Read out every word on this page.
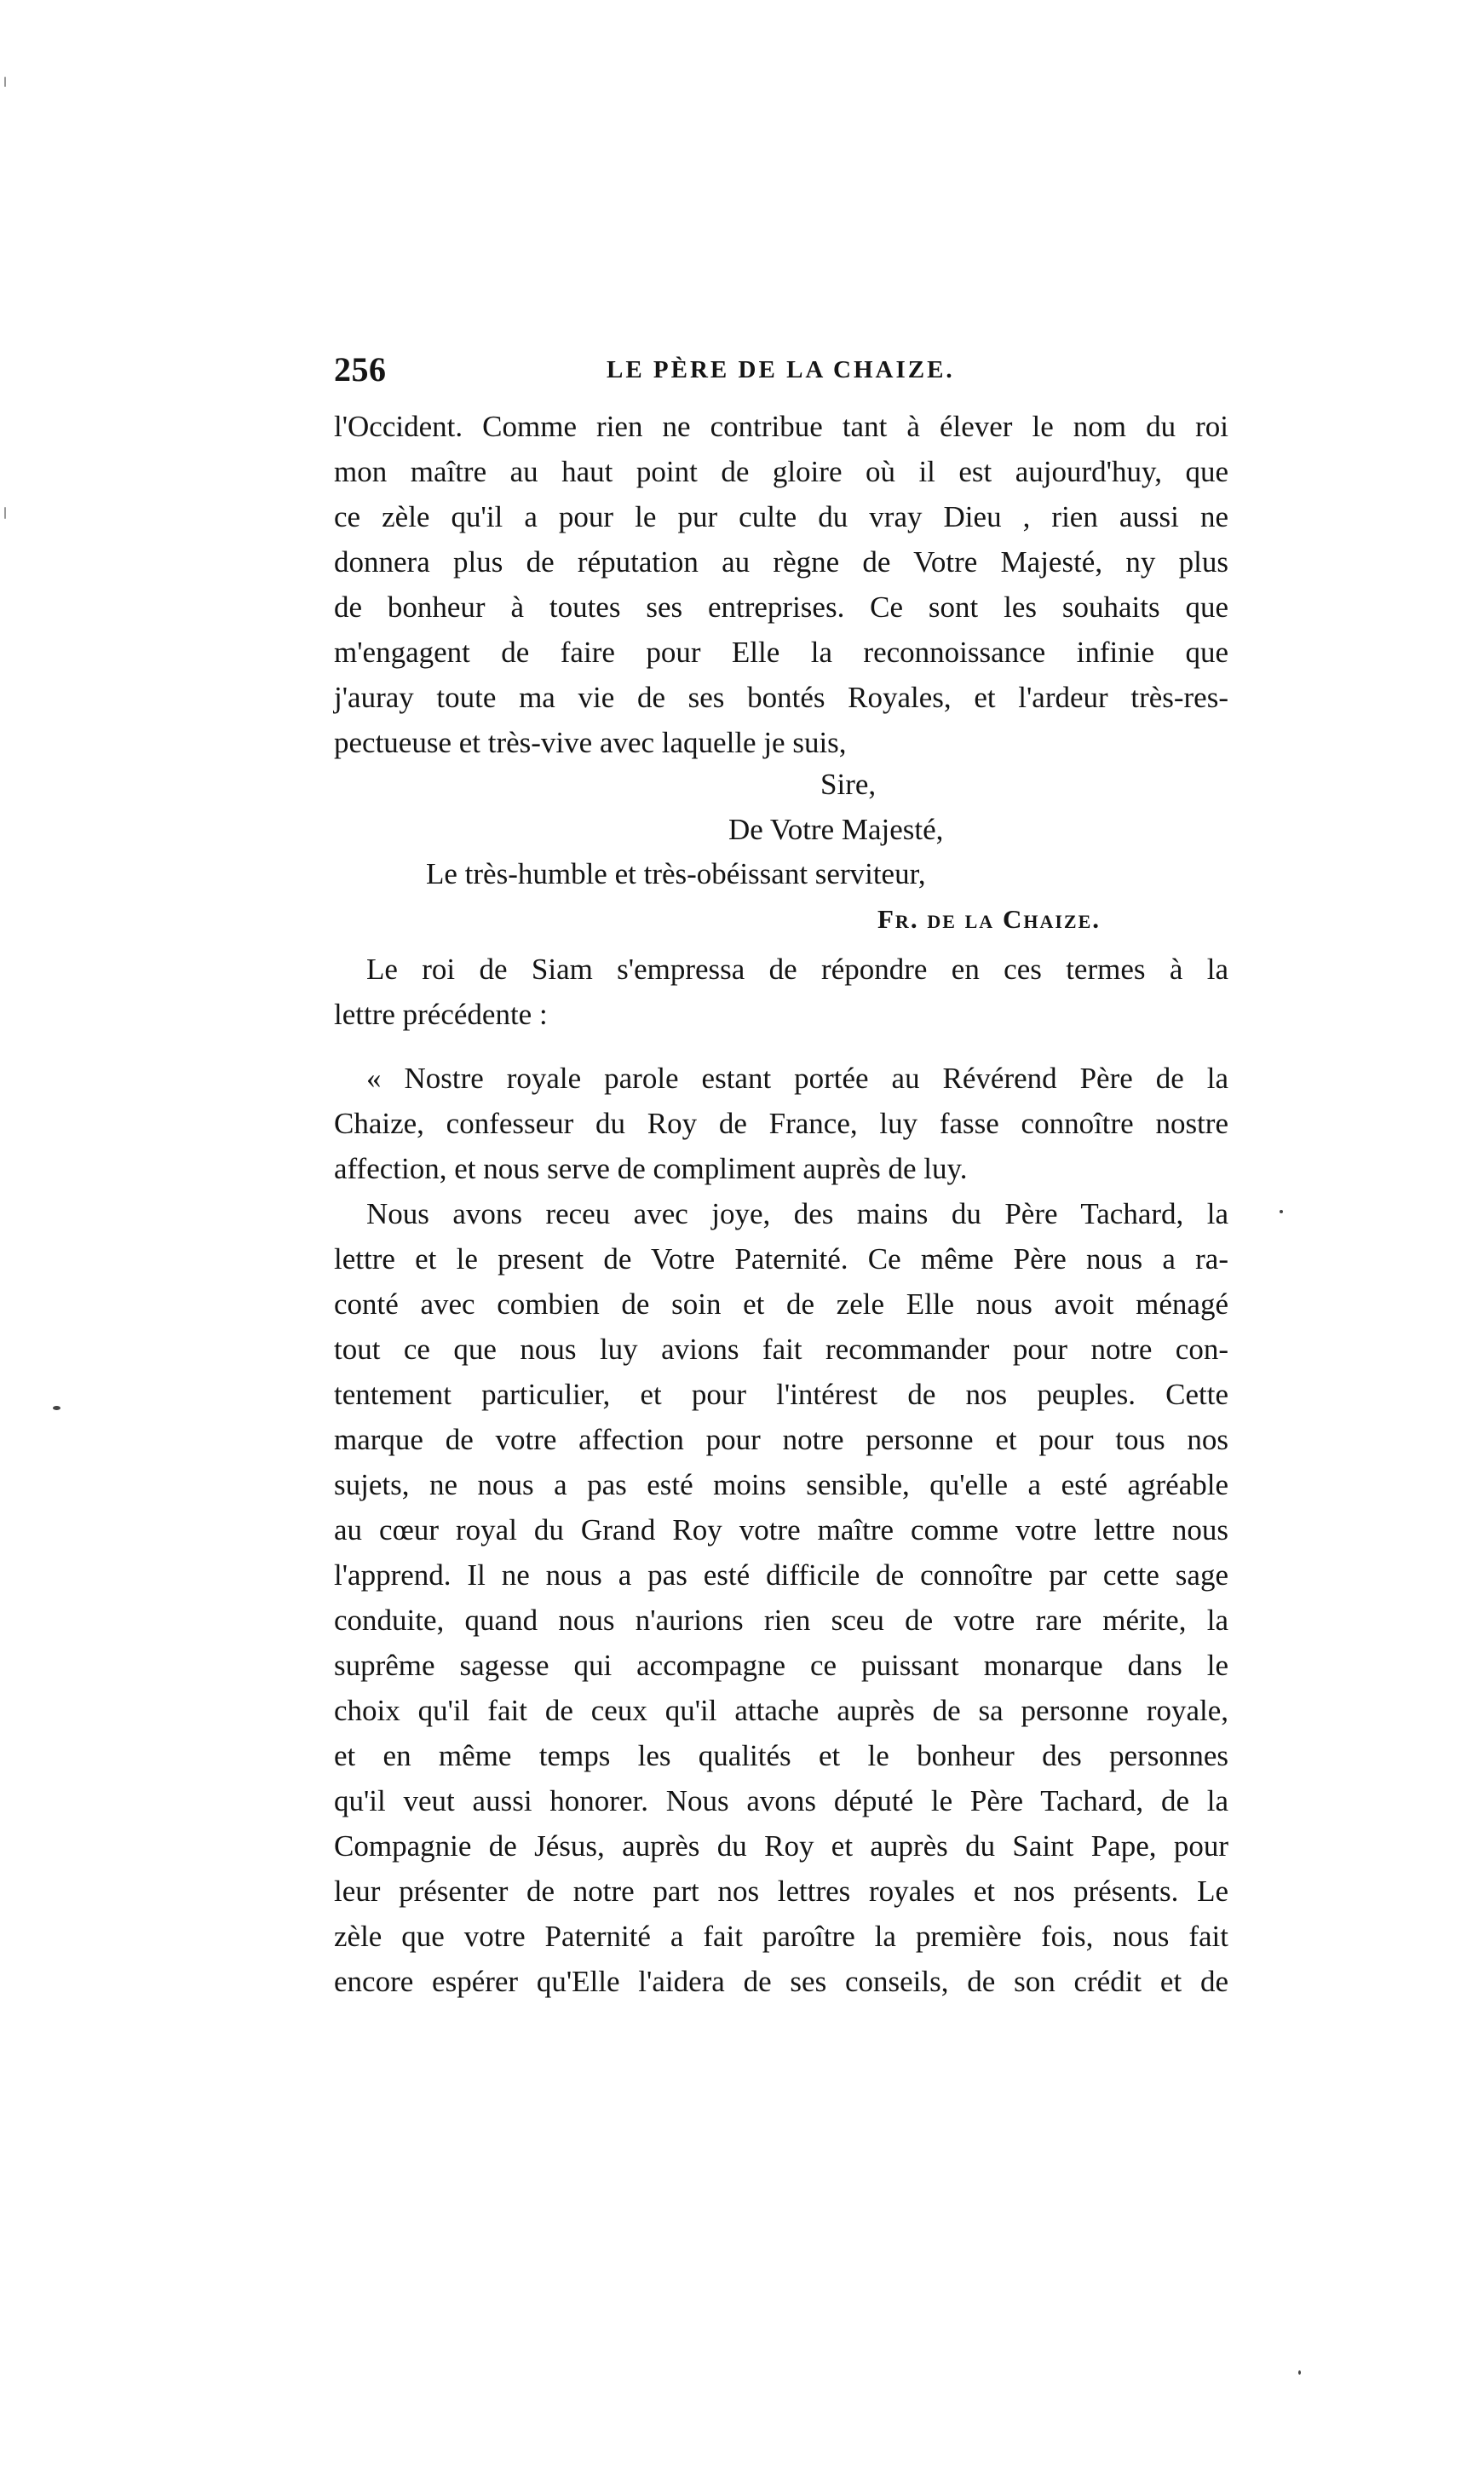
256	LE PÈRE DE LA CHAIZE.
l'Occident. Comme rien ne contribue tant à élever le nom du roi
mon maître au haut point de gloire où il est aujourd'huy, que
ce zèle qu'il a pour le pur culte du vray Dieu , rien aussi ne
donnera plus de réputation au règne de Votre Majesté, ny plus
de bonheur à toutes ses entreprises. Ce sont les souhaits que
m'engagent de faire pour Elle la reconnoissance infinie que
j'auray toute ma vie de ses bontés Royales, et l'ardeur très-res-
pectueuse et très-vive avec laquelle je suis,
Sire,
De Votre Majesté,
Le très-humble et très-obéissant serviteur,
Fr. de la Chaize.
Le roi de Siam s'empressa de répondre en ces termes à la
lettre précédente :
« Nostre royale parole estant portée au Révérend Père de la
Chaize, confesseur du Roy de France, luy fasse connoître nostre
affection, et nous serve de compliment auprès de luy.
Nous avons receu avec joye, des mains du Père Tachard, la
lettre et le present de Votre Paternité. Ce même Père nous a ra-
conté avec combien de soin et de zele Elle nous avoit ménagé
tout ce que nous luy avions fait recommander pour notre con-
tentement particulier, et pour l'intérest de nos peuples. Cette
marque de votre affection pour notre personne et pour tous nos
sujets, ne nous a pas esté moins sensible, qu'elle a esté agréable
au cœur royal du Grand Roy votre maître comme votre lettre nous
l'apprend. Il ne nous a pas esté difficile de connoître par cette sage
conduite, quand nous n'aurions rien sceu de votre rare mérite, la
suprême sagesse qui accompagne ce puissant monarque dans le
choix qu'il fait de ceux qu'il attache auprès de sa personne royale,
et en même temps les qualités et le bonheur des personnes
qu'il veut aussi honorer. Nous avons député le Père Tachard, de la
Compagnie de Jésus, auprès du Roy et auprès du Saint Pape, pour
leur présenter de notre part nos lettres royales et nos présents. Le
zèle que votre Paternité a fait paroître la première fois, nous fait
encore espérer qu'Elle l'aidera de ses conseils, de son crédit et de
